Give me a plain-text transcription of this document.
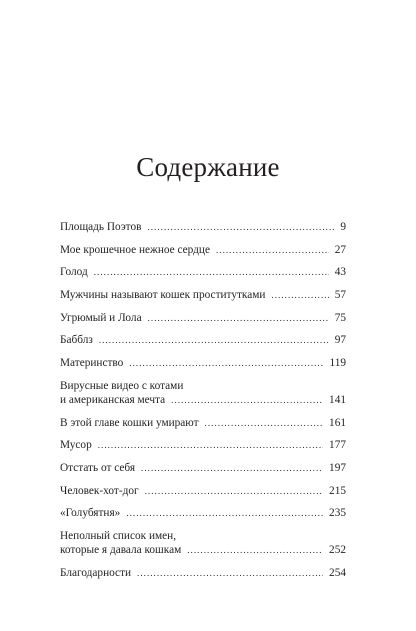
Содержание
Площадь Поэтов . . .	9
Мое крошечное нежное сердце . . .	27
Голод . . .	43
Мужчины называют кошек проститутками . . .	57
Угрюмый и Лола . . .	75
Бабблз . . .	97
Материнство . . .	119
Вирусные видео с котами
и американская мечта . . .	141
В этой главе кошки умирают . . .	161
Мусор . . .	177
Отстать от себя . . .	197
Человек-хот-дог . . .	215
«Голубятня» . . .	235
Неполный список имен,
которые я давала кошкам . . .	252
Благодарности . . .	254
